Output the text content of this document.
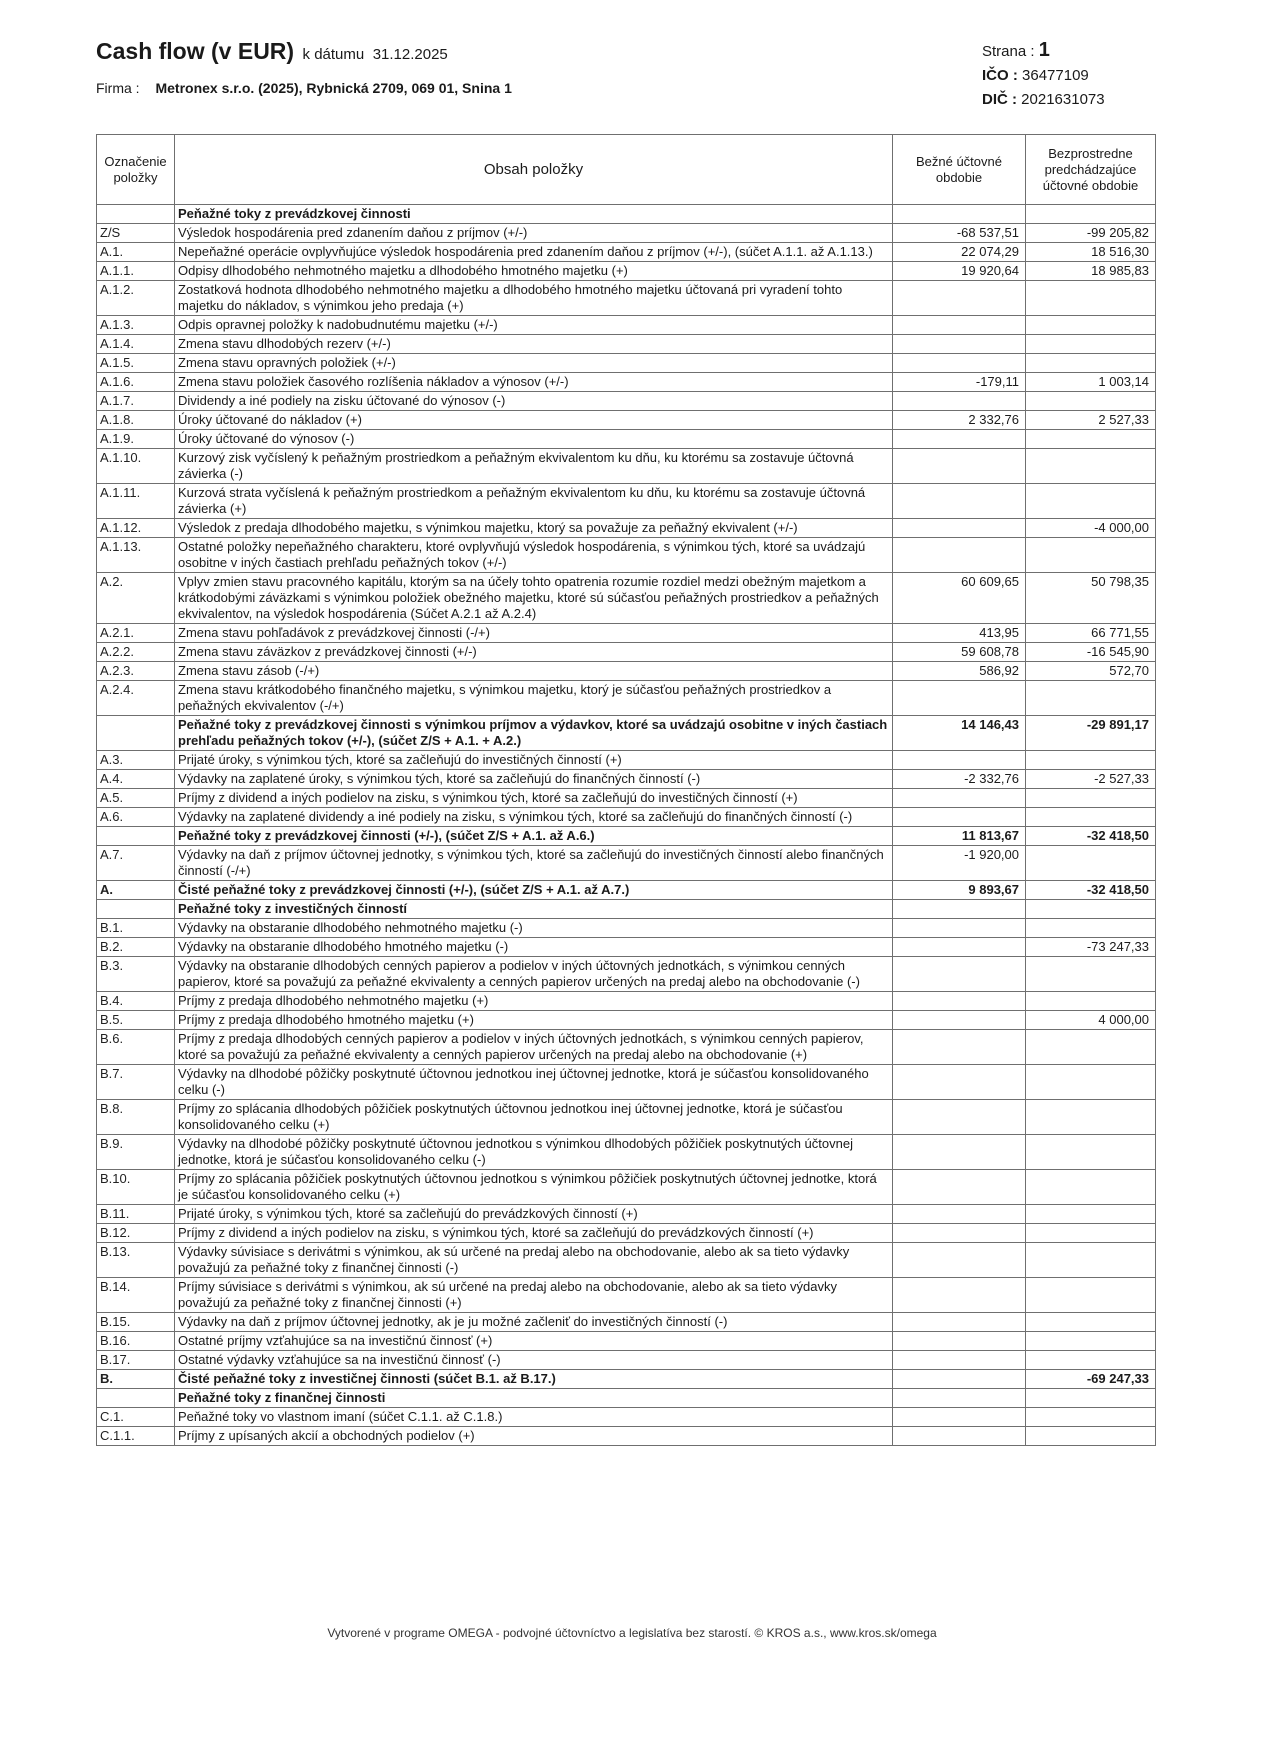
Cash flow (v EUR) k dátumu 31.12.2025
Firma : Metronex s.r.o. (2025), Rybnická 2709, 069 01, Snina 1
Strana : 1
IČO : 36477109
DIČ : 2021631073
Označenie položky	Obsah položky	Bežné účtovné obdobie	Bezprostredne predchádzajúce účtovné obdobie
	Peňažné toky z prevádzkovej činnosti		
Z/S	Výsledok hospodárenia pred zdanením daňou z príjmov (+/-)	-68 537,51	-99 205,82
A.1.	Nepeňažné operácie ovplyvňujúce výsledok hospodárenia pred zdanením daňou z príjmov (+/-), (súčet A.1.1. až A.1.13.)	22 074,29	18 516,30
A.1.1.	Odpisy dlhodobého nehmotného majetku a dlhodobého hmotného majetku (+)	19 920,64	18 985,83
A.1.2.	Zostatková hodnota dlhodobého nehmotného majetku a dlhodobého hmotného majetku účtovaná pri vyradení tohto majetku do nákladov, s výnimkou jeho predaja (+)		
A.1.3.	Odpis opravnej položky k nadobudnutému majetku (+/-)		
A.1.4.	Zmena stavu dlhodobých rezerv (+/-)		
A.1.5.	Zmena stavu opravných položiek (+/-)		
A.1.6.	Zmena stavu položiek časového rozlíšenia nákladov a výnosov (+/-)	-179,11	1 003,14
A.1.7.	Dividendy a iné podiely na zisku účtované do výnosov (-)		
A.1.8.	Úroky účtované do nákladov (+)	2 332,76	2 527,33
A.1.9.	Úroky účtované do výnosov (-)		
A.1.10.	Kurzový zisk vyčíslený k peňažným prostriedkom a peňažným ekvivalentom ku dňu, ku ktorému sa zostavuje účtovná závierka (-)		
A.1.11.	Kurzová strata vyčíslená k peňažným prostriedkom a peňažným ekvivalentom ku dňu, ku ktorému sa zostavuje účtovná závierka (+)		
A.1.12.	Výsledok z predaja dlhodobého majetku, s výnimkou majetku, ktorý sa považuje za peňažný ekvivalent (+/-)		-4 000,00
A.1.13.	Ostatné položky nepeňažného charakteru, ktoré ovplyvňujú výsledok hospodárenia, s výnimkou tých, ktoré sa uvádzajú osobitne v iných častiach prehľadu peňažných tokov (+/-)		
A.2.	Vplyv zmien stavu pracovného kapitálu, ktorým sa na účely tohto opatrenia rozumie rozdiel medzi obežným majetkom a krátkodobými záväzkami s výnimkou položiek obežného majetku, ktoré sú súčasťou peňažných prostriedkov a peňažných ekvivalentov, na výsledok hospodárenia (Súčet A.2.1 až A.2.4)	60 609,65	50 798,35
A.2.1.	Zmena stavu pohľadávok z prevádzkovej činnosti (-/+)	413,95	66 771,55
A.2.2.	Zmena stavu záväzkov z prevádzkovej činnosti (+/-)	59 608,78	-16 545,90
A.2.3.	Zmena stavu zásob (-/+)	586,92	572,70
A.2.4.	Zmena stavu krátkodobého finančného majetku, s výnimkou majetku, ktorý je súčasťou peňažných prostriedkov a peňažných ekvivalentov (-/+)		
	Peňažné toky z prevádzkovej činnosti s výnimkou príjmov a výdavkov, ktoré sa uvádzajú osobitne v iných častiach prehľadu peňažných tokov (+/-), (súčet Z/S + A.1. + A.2.)	14 146,43	-29 891,17
A.3.	Prijaté úroky, s výnimkou tých, ktoré sa začleňujú do investičných činností (+)		
A.4.	Výdavky na zaplatené úroky, s výnimkou tých, ktoré sa začleňujú do finančných činností (-)	-2 332,76	-2 527,33
A.5.	Príjmy z dividend a iných podielov na zisku, s výnimkou tých, ktoré sa začleňujú do investičných činností (+)		
A.6.	Výdavky na zaplatené dividendy a iné podiely na zisku, s výnimkou tých, ktoré sa začleňujú do finančných činností (-)		
	Peňažné toky z prevádzkovej činnosti (+/-), (súčet Z/S + A.1. až A.6.)	11 813,67	-32 418,50
A.7.	Výdavky na daň z príjmov účtovnej jednotky, s výnimkou tých, ktoré sa začleňujú do investičných činností alebo finančných činností (-/+)	-1 920,00	
A.	Čisté peňažné toky z prevádzkovej činnosti (+/-), (súčet Z/S + A.1. až A.7.)	9 893,67	-32 418,50
	Peňažné toky z investičných činností		
B.1.	Výdavky na obstaranie dlhodobého nehmotného majetku (-)		
B.2.	Výdavky na obstaranie dlhodobého hmotného majetku (-)		-73 247,33
B.3.	Výdavky na obstaranie dlhodobých cenných papierov a podielov v iných účtovných jednotkách, s výnimkou cenných papierov, ktoré sa považujú za peňažné ekvivalenty a cenných papierov určených na predaj alebo na obchodovanie (-)		
B.4.	Príjmy z predaja dlhodobého nehmotného majetku (+)		
B.5.	Príjmy z predaja dlhodobého hmotného majetku (+)		4 000,00
B.6.	Príjmy z predaja dlhodobých cenných papierov a podielov v iných účtovných jednotkách, s výnimkou cenných papierov, ktoré sa považujú za peňažné ekvivalenty a cenných papierov určených na predaj alebo na obchodovanie (+)		
B.7.	Výdavky na dlhodobé pôžičky poskytnuté účtovnou jednotkou inej účtovnej jednotke, ktorá je súčasťou konsolidovaného celku (-)		
B.8.	Príjmy zo splácania dlhodobých pôžičiek poskytnutých účtovnou jednotkou inej účtovnej jednotke, ktorá je súčasťou konsolidovaného celku (+)		
B.9.	Výdavky na dlhodobé pôžičky poskytnuté účtovnou jednotkou s výnimkou dlhodobých pôžičiek poskytnutých účtovnej jednotke, ktorá je súčasťou konsolidovaného celku (-)		
B.10.	Príjmy zo splácania pôžičiek poskytnutých účtovnou jednotkou s výnimkou pôžičiek poskytnutých účtovnej jednotke, ktorá je súčasťou konsolidovaného celku (+)		
B.11.	Prijaté úroky, s výnimkou tých, ktoré sa začleňujú do prevádzkových činností (+)		
B.12.	Príjmy z dividend a iných podielov na zisku, s výnimkou tých, ktoré sa začleňujú do prevádzkových činností (+)		
B.13.	Výdavky súvisiace s derivátmi s výnimkou, ak sú určené na predaj alebo na obchodovanie, alebo ak sa tieto výdavky považujú za peňažné toky z finančnej činnosti (-)		
B.14.	Príjmy súvisiace s derivátmi s výnimkou, ak sú určené na predaj alebo na obchodovanie, alebo ak sa tieto výdavky považujú za peňažné toky z finančnej činnosti (+)		
B.15.	Výdavky na daň z príjmov účtovnej jednotky, ak je ju možné začleniť do investičných činností (-)		
B.16.	Ostatné príjmy vzťahujúce sa na investičnú činnosť (+)		
B.17.	Ostatné výdavky vzťahujúce sa na investičnú činnosť (-)		
B.	Čisté peňažné toky z investičnej činnosti (súčet B.1. až B.17.)		-69 247,33
	Peňažné toky z finančnej činnosti		
C.1.	Peňažné toky vo vlastnom imaní (súčet C.1.1. až C.1.8.)		
C.1.1.	Príjmy z upísaných akcií a obchodných podielov (+)		
Vytvorené v programe OMEGA - podvojné účtovníctvo a legislatíva bez starostí. © KROS a.s., www.kros.sk/omega
